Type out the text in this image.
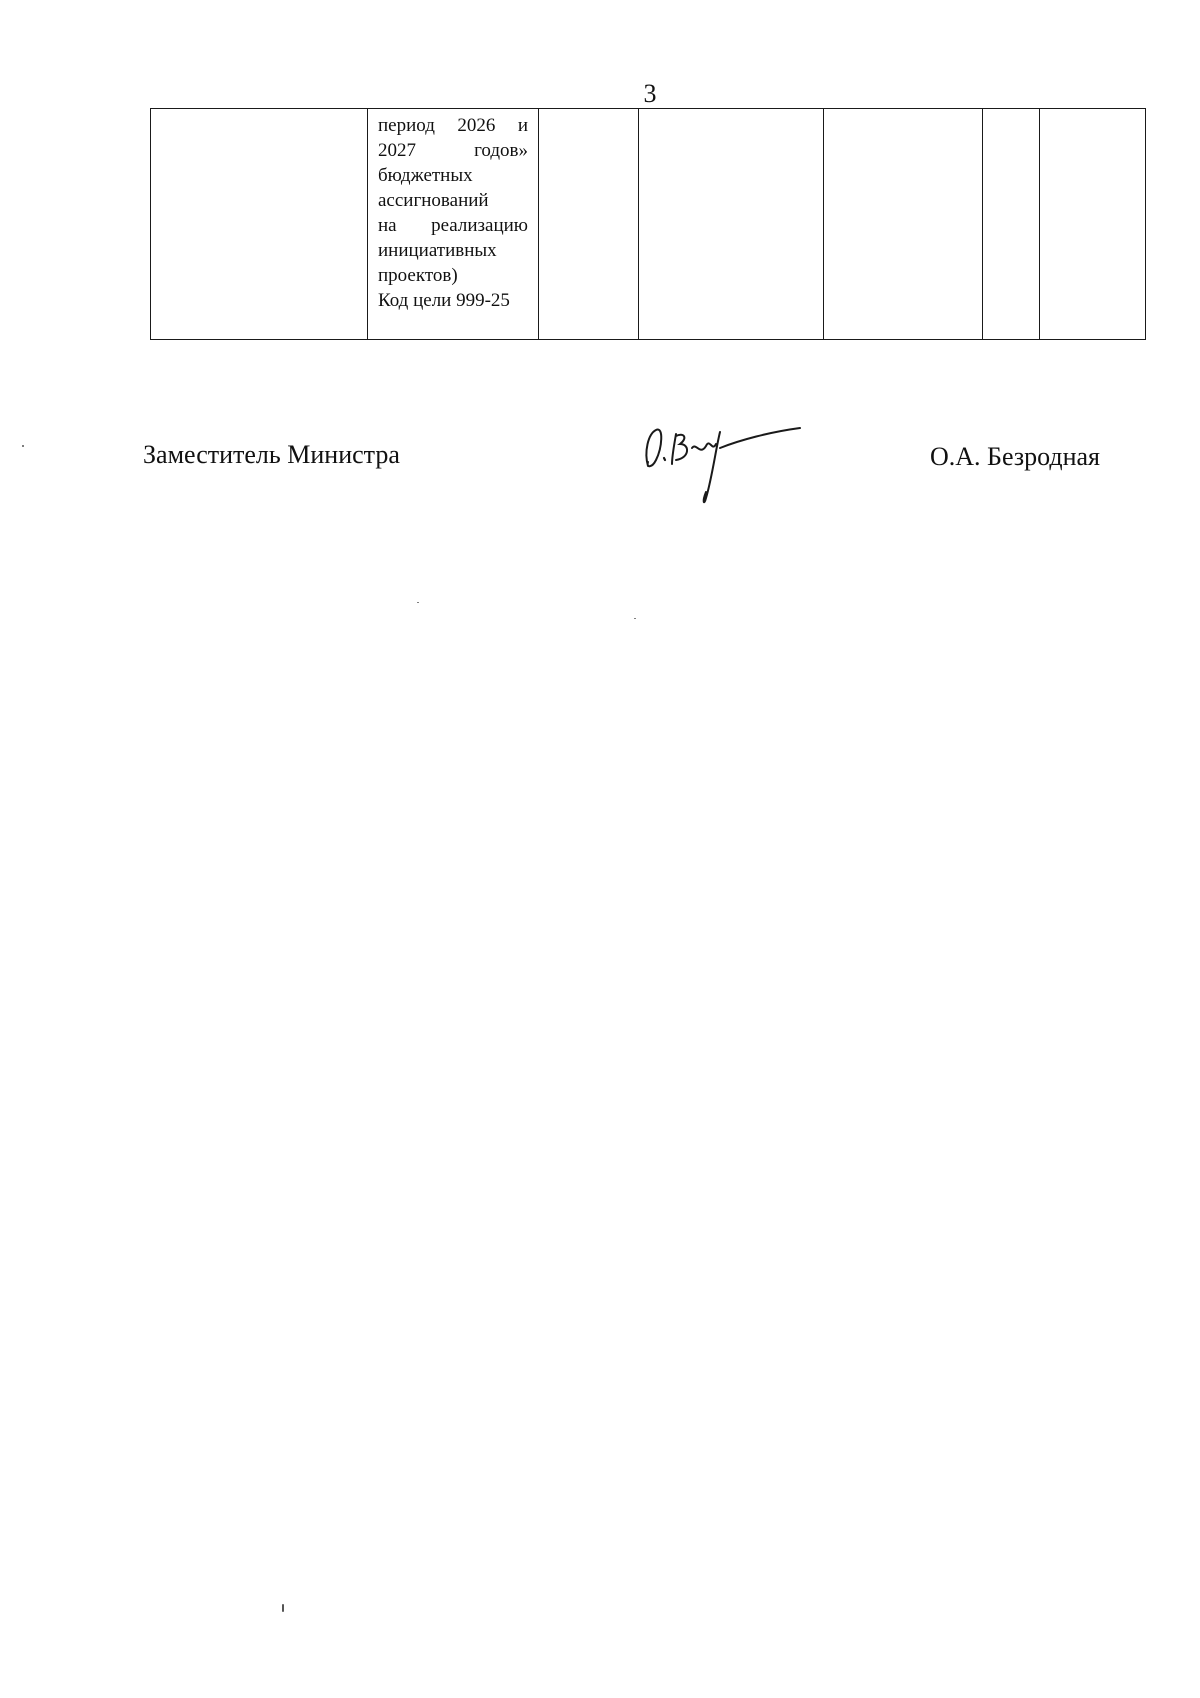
3

период 2026 и
2027 годов»
бюджетных
ассигнований
на реализацию
инициативных
проектов)
Код цели 999-25

Заместитель Министра	О.А. Безродная
